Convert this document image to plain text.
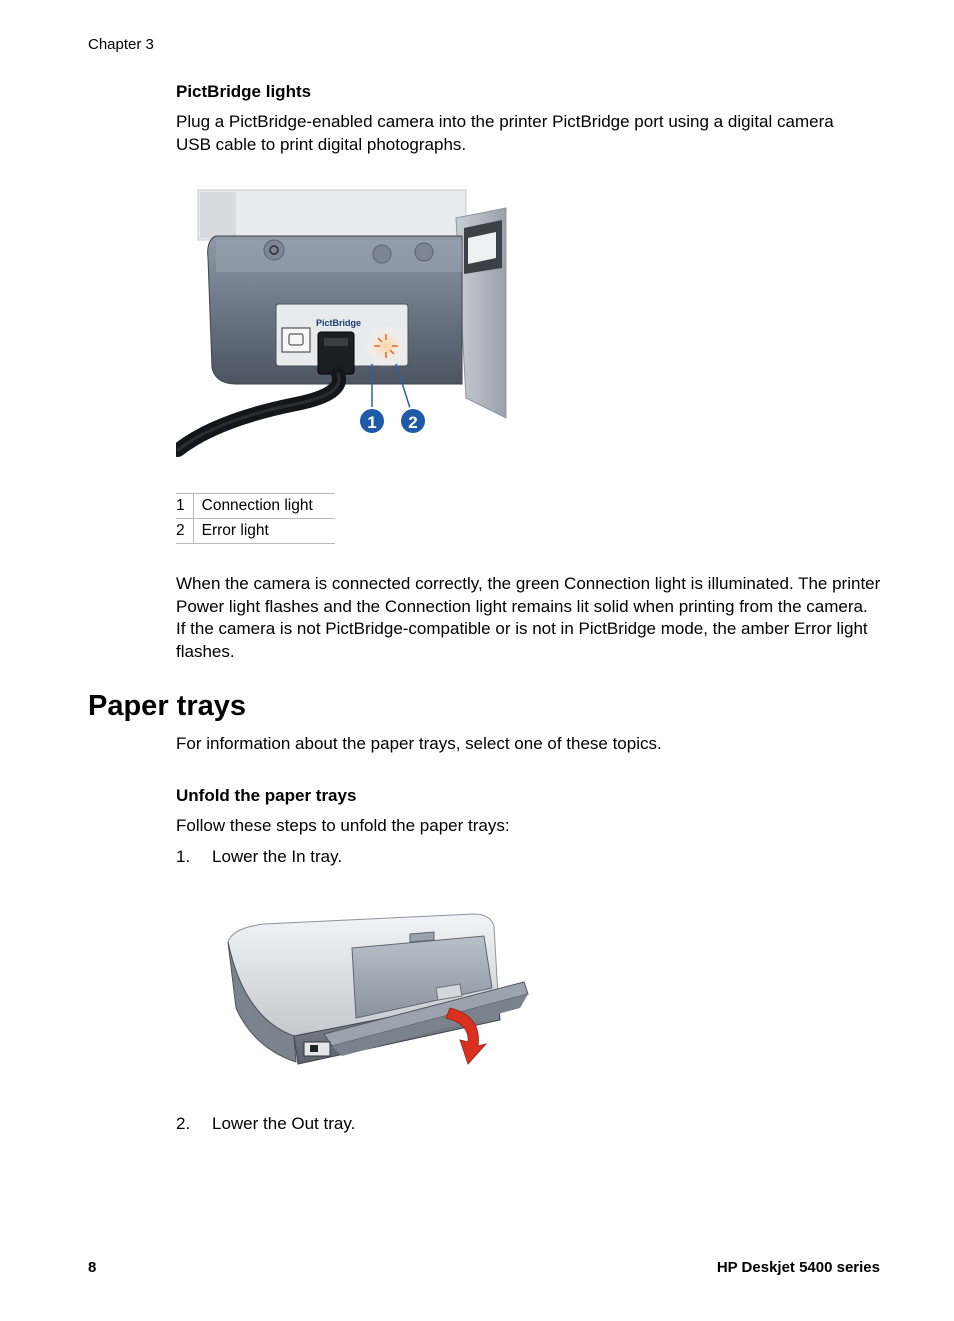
Chapter 3
PictBridge lights
Plug a PictBridge-enabled camera into the printer PictBridge port using a digital camera USB cable to print digital photographs.
PictBridge
1 2
1	Connection light
2	Error light
When the camera is connected correctly, the green Connection light is illuminated. The printer Power light flashes and the Connection light remains lit solid when printing from the camera. If the camera is not PictBridge-compatible or is not in PictBridge mode, the amber Error light flashes.
Paper trays
For information about the paper trays, select one of these topics.
Unfold the paper trays
Follow these steps to unfold the paper trays:
1. Lower the In tray.
2. Lower the Out tray.
8	HP Deskjet 5400 series
